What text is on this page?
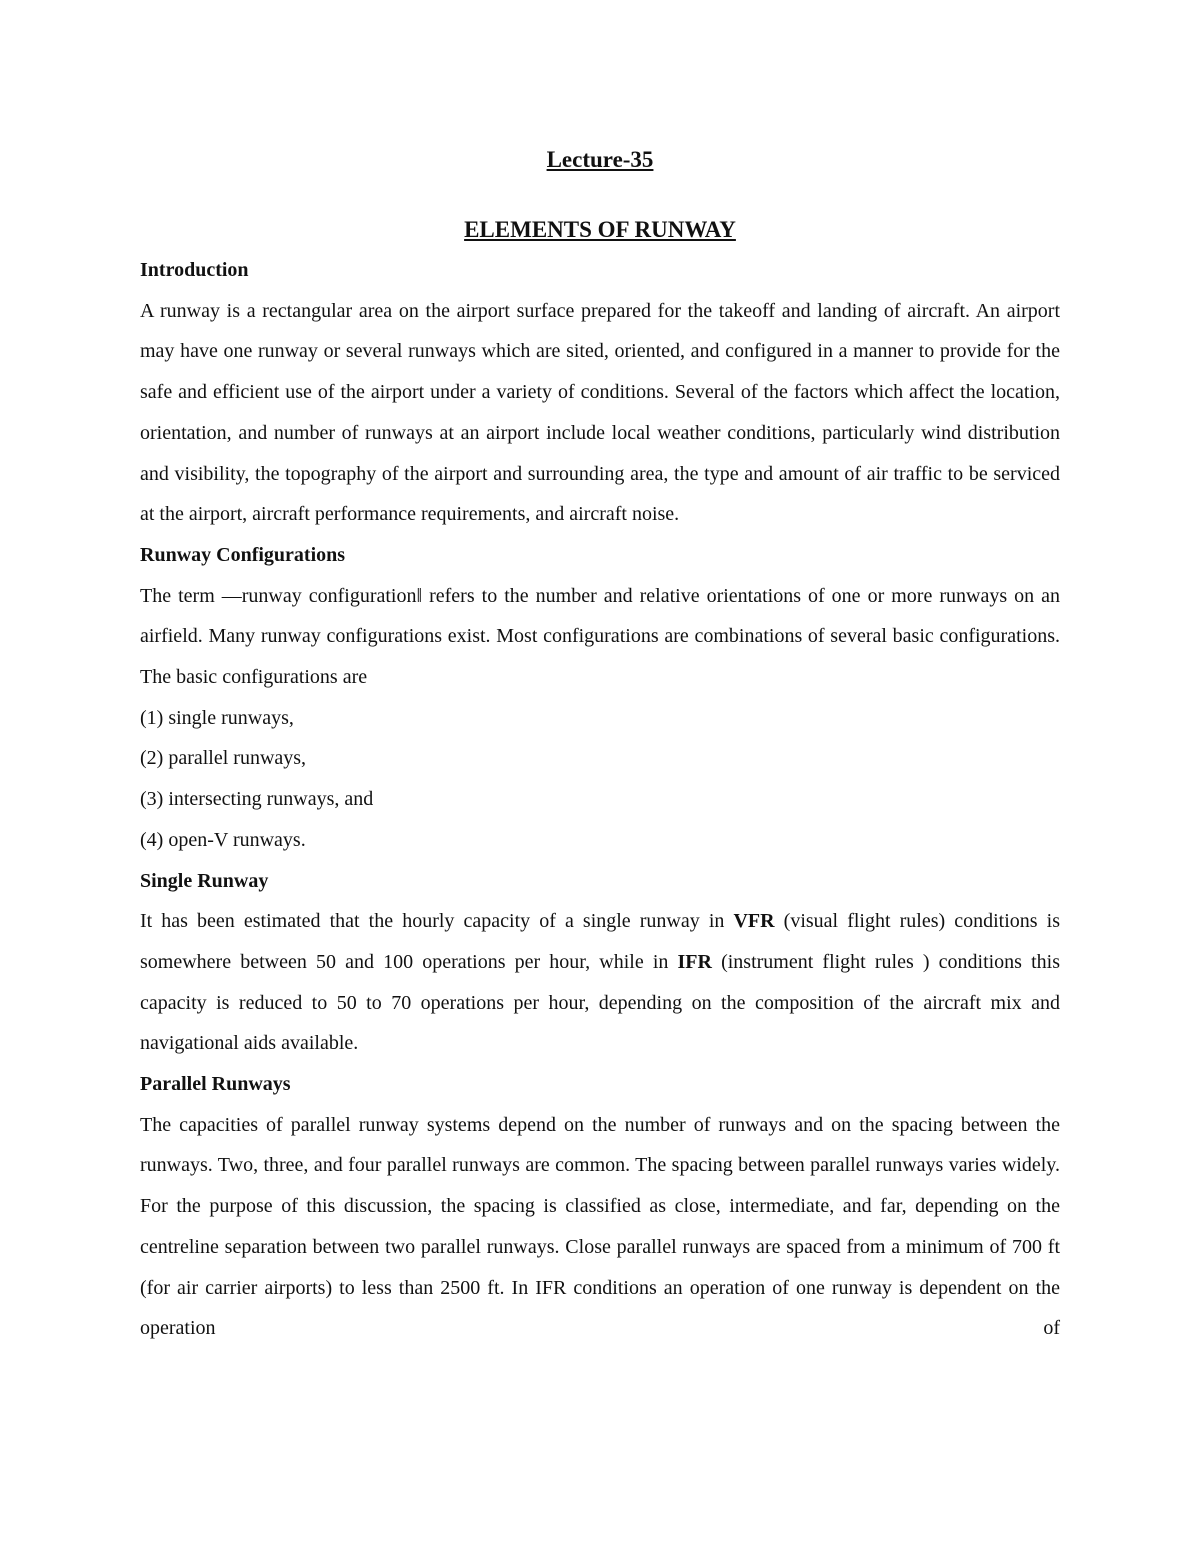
Lecture-35
ELEMENTS OF RUNWAY
Introduction

A runway is a rectangular area on the airport surface prepared for the takeoff and landing of aircraft. An airport may have one runway or several runways which are sited, oriented, and configured in a manner to provide for the safe and efficient use of the airport under a variety of conditions. Several of the factors which affect the location, orientation, and number of runways at an airport include local weather conditions, particularly wind distribution and visibility, the topography of the airport and surrounding area, the type and amount of air traffic to be serviced at the airport, aircraft performance requirements, and aircraft noise.

Runway Configurations

The term ―runway configuration‖ refers to the number and relative orientations of one or more runways on an airfield. Many runway configurations exist. Most configurations are combinations of several basic configurations. The basic configurations are

(1) single runways,
(2) parallel runways,
(3) intersecting runways, and
(4) open-V runways.
Single Runway

It has been estimated that the hourly capacity of a single runway in VFR (visual flight rules) conditions is somewhere between 50 and 100 operations per hour, while in IFR (instrument flight rules ) conditions this capacity is reduced to 50 to 70 operations per hour, depending on the composition of the aircraft mix and navigational aids available.

Parallel Runways

The capacities of parallel runway systems depend on the number of runways and on the spacing between the runways. Two, three, and four parallel runways are common. The spacing between parallel runways varies widely. For the purpose of this discussion, the spacing is classified as close, intermediate, and far, depending on the centreline separation between two parallel runways. Close parallel runways are spaced from a minimum of 700 ft (for air carrier airports) to less than 2500 ft. In IFR conditions an operation of one runway is dependent on the operation of
